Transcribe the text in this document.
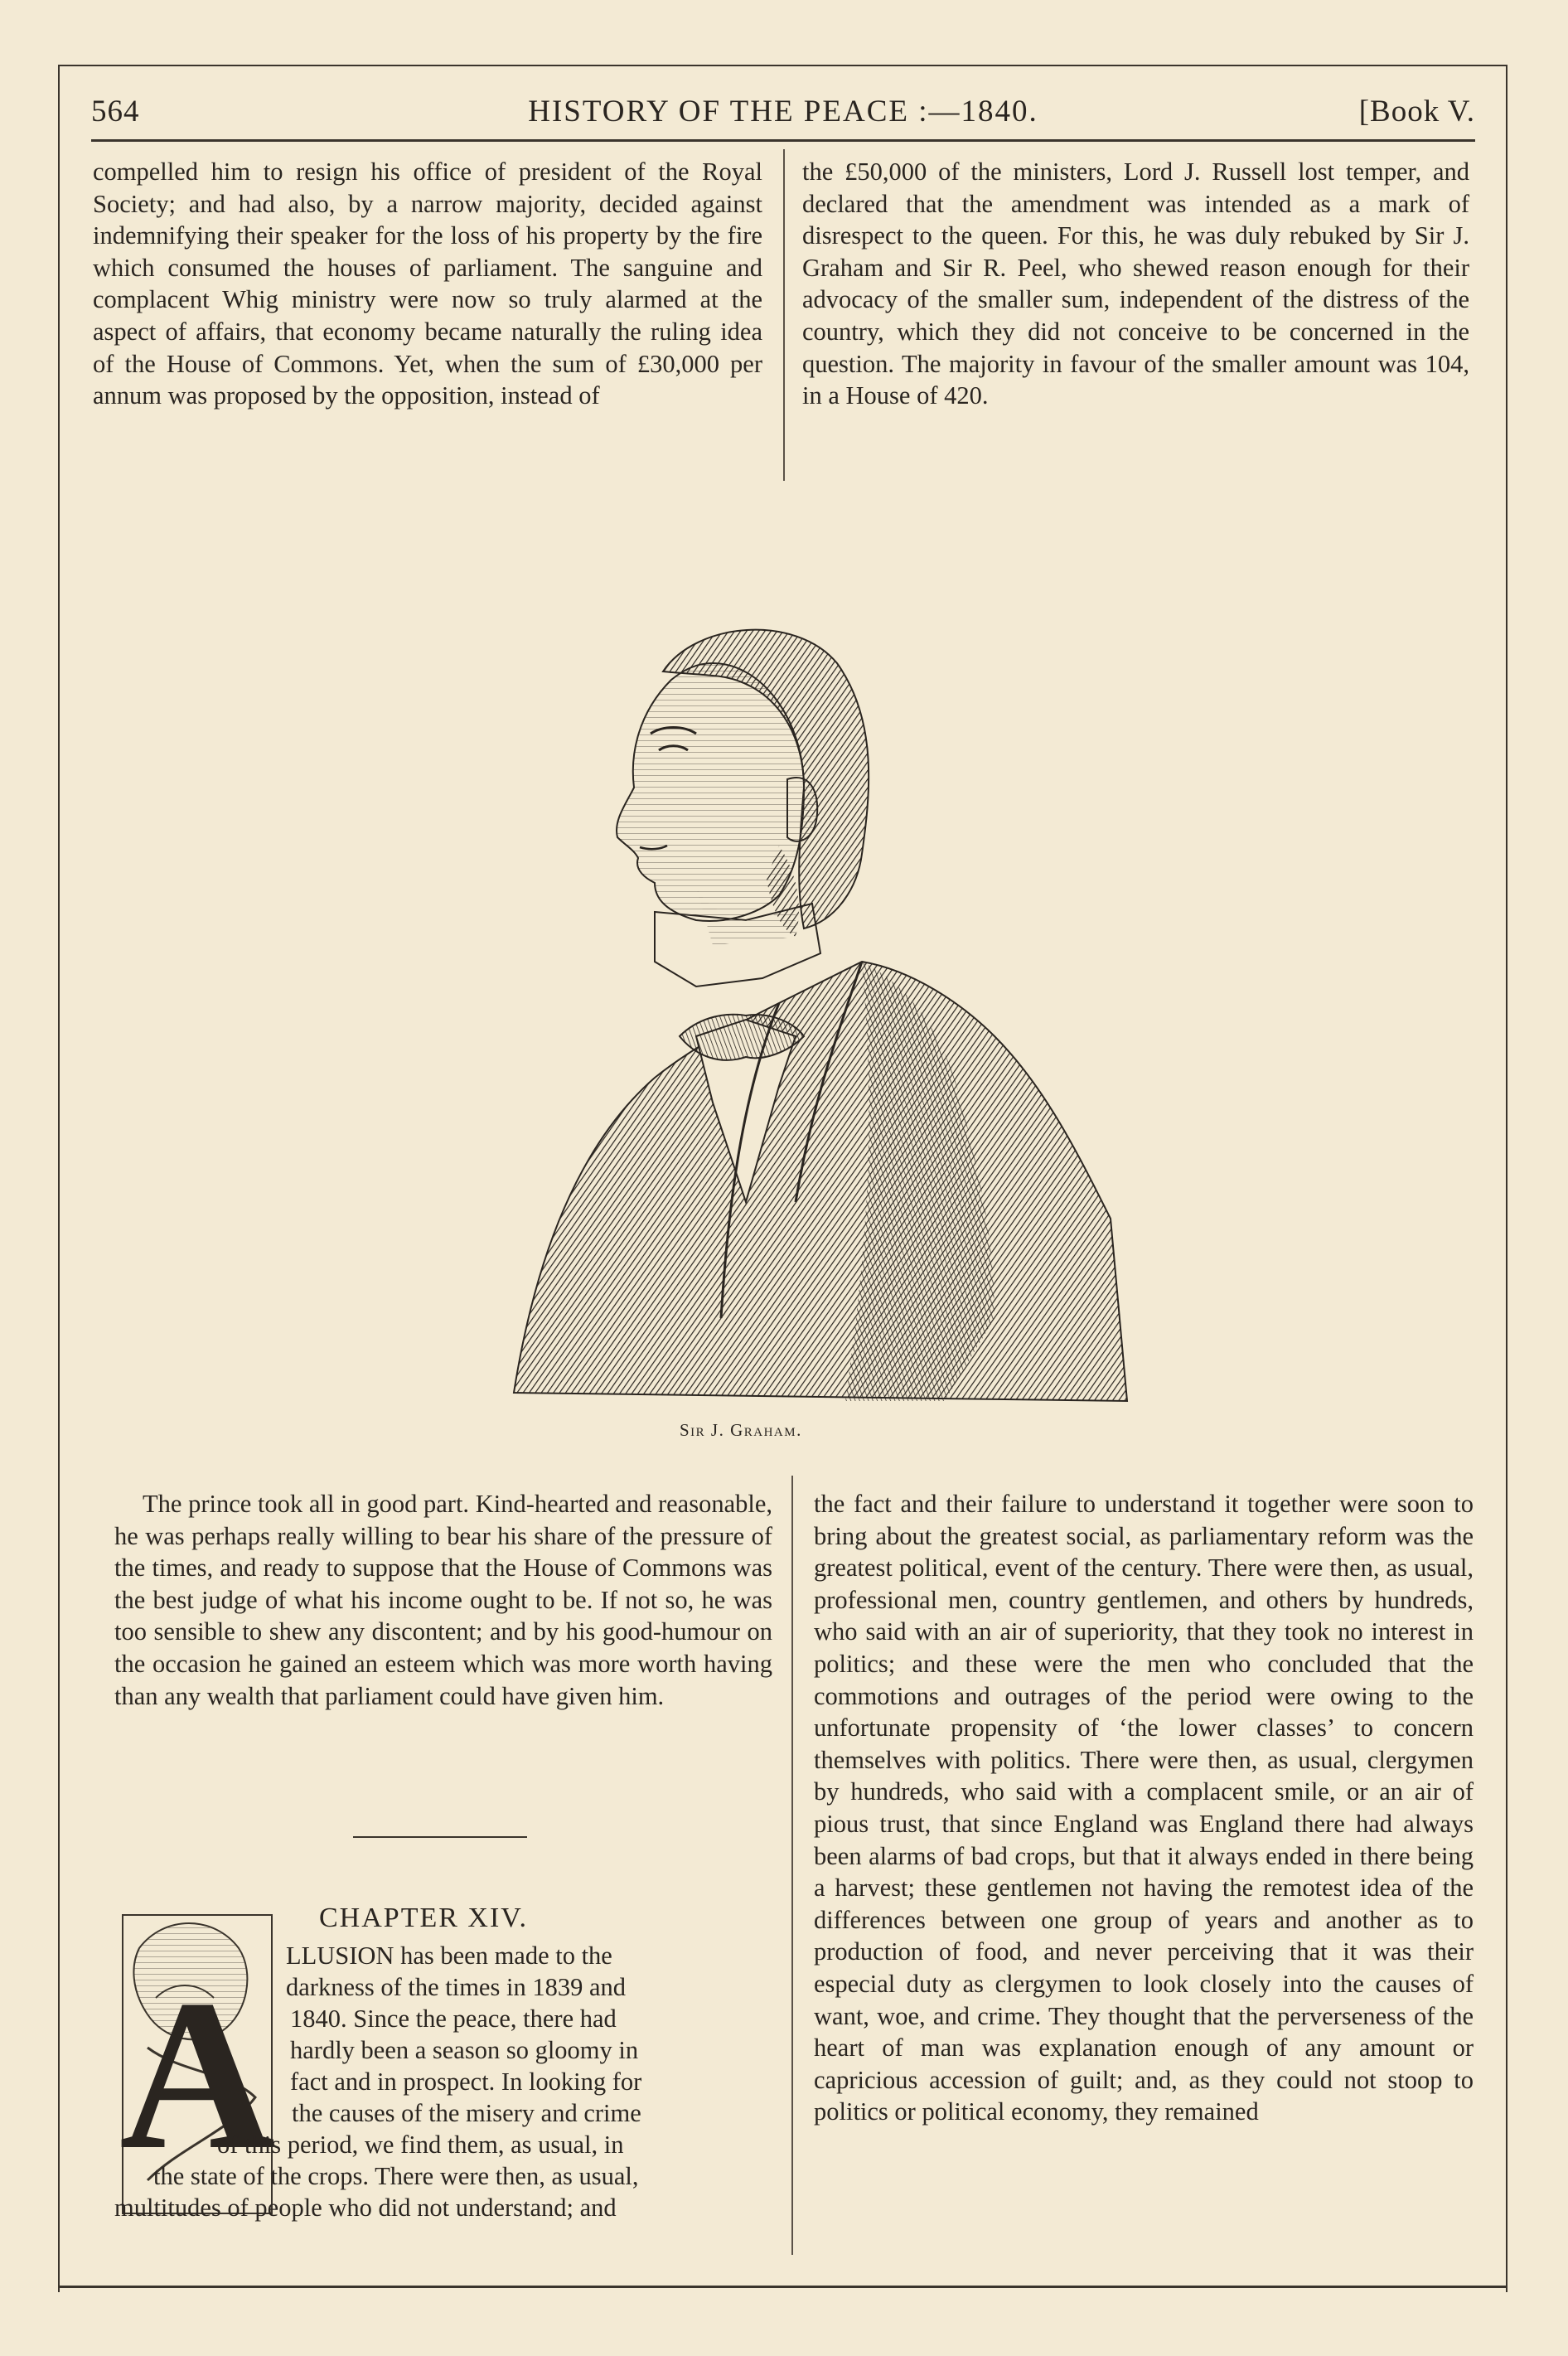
564	HISTORY OF THE PEACE :—1840.	[Book V.

compelled him to resign his office of president of the Royal Society; and had also, by a narrow majority, decided against indemnifying their speaker for the loss of his property by the fire which consumed the houses of parliament. The sanguine and complacent Whig ministry were now so truly alarmed at the aspect of affairs, that economy became naturally the ruling idea of the House of Commons. Yet, when the sum of £30,000 per annum was proposed by the opposition, instead of

the £50,000 of the ministers, Lord J. Russell lost temper, and declared that the amendment was intended as a mark of disrespect to the queen. For this, he was duly rebuked by Sir J. Graham and Sir R. Peel, who shewed reason enough for their advocacy of the smaller sum, independent of the distress of the country, which they did not conceive to be concerned in the question. The majority in favour of the smaller amount was 104, in a House of 420.

Sir J. Graham.

The prince took all in good part. Kind-hearted and reasonable, he was perhaps really willing to bear his share of the pressure of the times, and ready to suppose that the House of Commons was the best judge of what his income ought to be. If not so, he was too sensible to shew any discontent; and by his good-humour on the occasion he gained an esteem which was more worth having than any wealth that parliament could have given him.

CHAPTER XIV.
A LLUSION has been made to the
darkness of the times in 1839 and
1840. Since the peace, there had
hardly been a season so gloomy in
fact and in prospect. In looking for
the causes of the misery and crime
of this period, we find them, as usual, in
the state of the crops. There were then, as usual,
multitudes of people who did not understand; and

the fact and their failure to understand it together were soon to bring about the greatest social, as parliamentary reform was the greatest political, event of the century. There were then, as usual, professional men, country gentlemen, and others by hundreds, who said with an air of superiority, that they took no interest in politics; and these were the men who concluded that the commotions and outrages of the period were owing to the unfortunate propensity of ‘the lower classes’ to concern themselves with politics. There were then, as usual, clergymen by hundreds, who said with a complacent smile, or an air of pious trust, that since England was England there had always been alarms of bad crops, but that it always ended in there being a harvest; these gentlemen not having the remotest idea of the differences between one group of years and another as to production of food, and never perceiving that it was their especial duty as clergymen to look closely into the causes of want, woe, and crime. They thought that the perverseness of the heart of man was explanation enough of any amount or capricious accession of guilt; and, as they could not stoop to politics or political economy, they remained
